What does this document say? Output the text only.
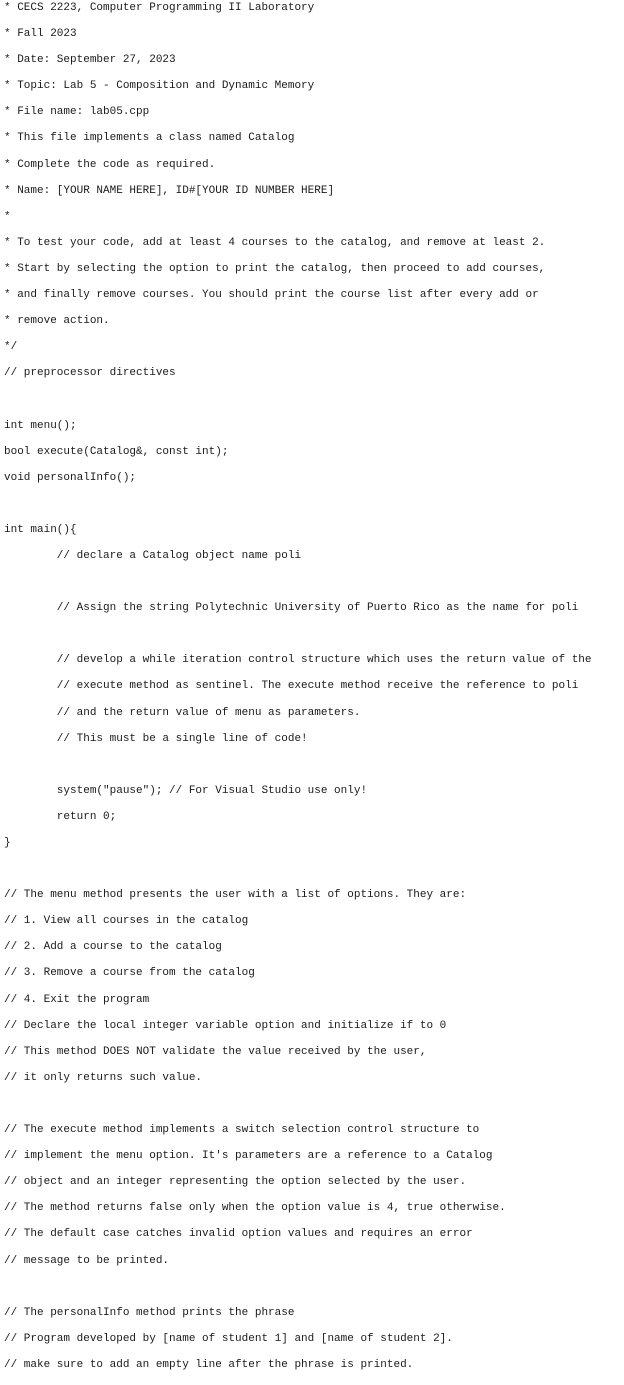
* CECS 2223, Computer Programming II Laboratory

* Fall 2023

* Date: September 27, 2023

* Topic: Lab 5 - Composition and Dynamic Memory

* File name: lab05.cpp

* This file implements a class named Catalog

* Complete the code as required.

* Name: [YOUR NAME HERE], ID#[YOUR ID NUMBER HERE]

*

* To test your code, add at least 4 courses to the catalog, and remove at least 2.

* Start by selecting the option to print the catalog, then proceed to add courses,

* and finally remove courses. You should print the course list after every add or

* remove action.

*/

// preprocessor directives

int menu();

bool execute(Catalog&, const int);

void personalInfo();

int main(){

// declare a Catalog object name poli

// Assign the string Polytechnic University of Puerto Rico as the name for poli

// develop a while iteration control structure which uses the return value of the

// execute method as sentinel. The execute method receive the reference to poli

// and the return value of menu as parameters.

// This must be a single line of code!

system("pause"); // For Visual Studio use only!

return 0;

}

// The menu method presents the user with a list of options. They are:

// 1. View all courses in the catalog

// 2. Add a course to the catalog

// 3. Remove a course from the catalog

// 4. Exit the program

// Declare the local integer variable option and initialize if to 0

// This method DOES NOT validate the value received by the user,

// it only returns such value.

// The execute method implements a switch selection control structure to

// implement the menu option. It's parameters are a reference to a Catalog

// object and an integer representing the option selected by the user.

// The method returns false only when the option value is 4, true otherwise.

// The default case catches invalid option values and requires an error

// message to be printed.

// The personalInfo method prints the phrase

// Program developed by [name of student 1] and [name of student 2].

// make sure to add an empty line after the phrase is printed.
